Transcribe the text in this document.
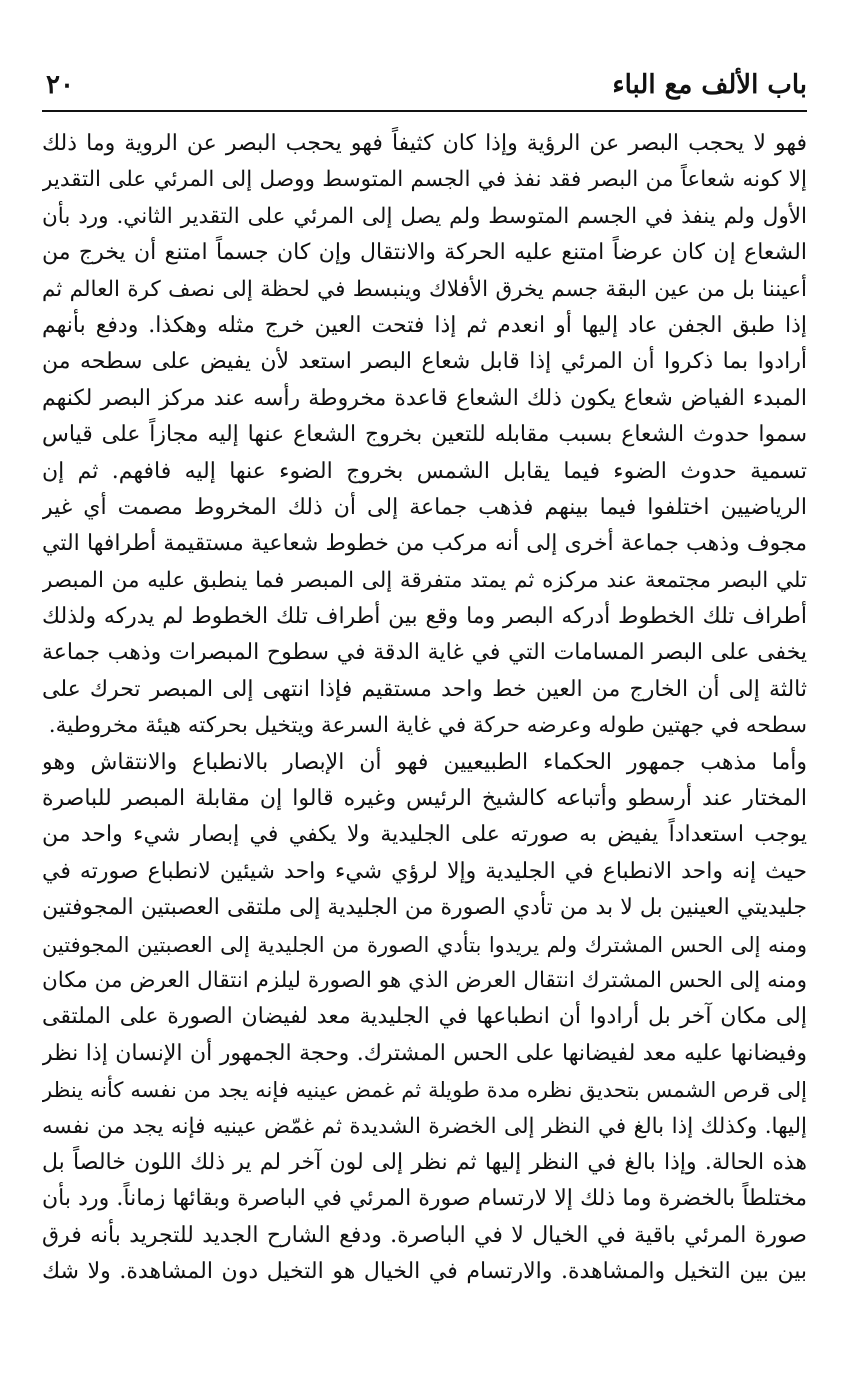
باب الألف مع الباء
٢٠
فهو لا يحجب البصر عن الرؤية وإذا كان كثيفاً فهو يحجب البصر عن الروية وما ذلك
إلا كونه شعاعاً من البصر فقد نفذ في الجسم المتوسط ووصل إلى المرئي على التقدير
الأول ولم ينفذ في الجسم المتوسط ولم يصل إلى المرئي على التقدير الثاني. ورد بأن
الشعاع إن كان عرضاً امتنع عليه الحركة والانتقال وإن كان جسماً امتنع أن يخرج من
أعيننا بل من عين البقة جسم يخرق الأفلاك وينبسط في لحظة إلى نصف كرة العالم ثم
إذا طبق الجفن عاد إليها أو انعدم ثم إذا فتحت العين خرج مثله وهكذا. ودفع بأنهم
أرادوا بما ذكروا أن المرئي إذا قابل شعاع البصر استعد لأن يفيض على سطحه من
المبدء الفياض شعاع يكون ذلك الشعاع قاعدة مخروطة رأسه عند مركز البصر لكنهم
سموا حدوث الشعاع بسبب مقابله للتعين بخروج الشعاع عنها إليه مجازاً على قياس
تسمية حدوث الضوء فيما يقابل الشمس بخروج الضوء عنها إليه فافهم. ثم إن
الرياضيين اختلفوا فيما بينهم فذهب جماعة إلى أن ذلك المخروط مصمت أي غير
مجوف وذهب جماعة أخرى إلى أنه مركب من خطوط شعاعية مستقيمة أطرافها التي
تلي البصر مجتمعة عند مركزه ثم يمتد متفرقة إلى المبصر فما ينطبق عليه من المبصر
أطراف تلك الخطوط أدركه البصر وما وقع بين أطراف تلك الخطوط لم يدركه ولذلك
يخفى على البصر المسامات التي في غاية الدقة في سطوح المبصرات وذهب جماعة
ثالثة إلى أن الخارج من العين خط واحد مستقيم فإذا انتهى إلى المبصر تحرك على
سطحه في جهتين طوله وعرضه حركة في غاية السرعة ويتخيل بحركته هيئة مخروطية.
وأما مذهب جمهور الحكماء الطبيعيين فهو أن الإبصار بالانطباع والانتقاش وهو
المختار عند أرسطو وأتباعه كالشيخ الرئيس وغيره قالوا إن مقابلة المبصر للباصرة
يوجب استعداداً يفيض به صورته على الجليدية ولا يكفي في إبصار شيء واحد من
حيث إنه واحد الانطباع في الجليدية وإلا لرؤي شيء واحد شيئين لانطباع صورته في
جليديتي العينين بل لا بد من تأدي الصورة من الجليدية إلى ملتقى العصبتين المجوفتين
ومنه إلى الحس المشترك ولم يريدوا بتأدي الصورة من الجليدية إلى العصبتين المجوفتين
ومنه إلى الحس المشترك انتقال العرض الذي هو الصورة ليلزم انتقال العرض من مكان
إلى مكان آخر بل أرادوا أن انطباعها في الجليدية معد لفيضان الصورة على الملتقى
وفيضانها عليه معد لفيضانها على الحس المشترك. وحجة الجمهور أن الإنسان إذا نظر
إلى قرص الشمس بتحديق نظره مدة طويلة ثم غمض عينيه فإنه يجد من نفسه كأنه ينظر
إليها. وكذلك إذا بالغ في النظر إلى الخضرة الشديدة ثم غمّض عينيه فإنه يجد من نفسه
هذه الحالة. وإذا بالغ في النظر إليها ثم نظر إلى لون آخر لم ير ذلك اللون خالصاً بل
مختلطاً بالخضرة وما ذلك إلا لارتسام صورة المرئي في الباصرة وبقائها زماناً. ورد بأن
صورة المرئي باقية في الخيال لا في الباصرة. ودفع الشارح الجديد للتجريد بأنه فرق
بين بين التخيل والمشاهدة. والارتسام في الخيال هو التخيل دون المشاهدة. ولا شك
